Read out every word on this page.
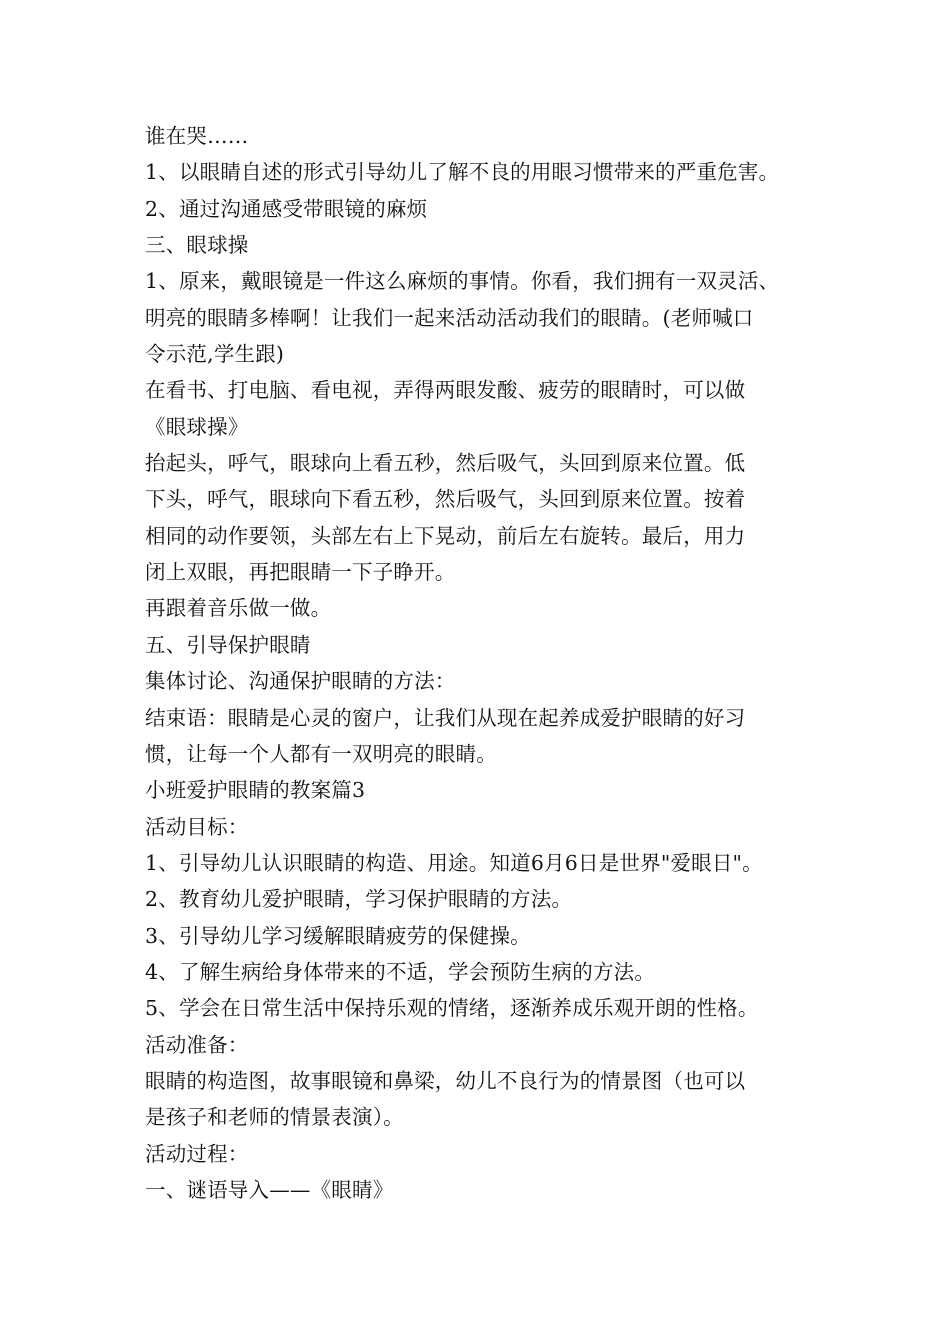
谁在哭……
1、以眼睛自述的形式引导幼儿了解不良的用眼习惯带来的严重危害。
2、通过沟通感受带眼镜的麻烦
三、眼球操
1、原来，戴眼镜是一件这么麻烦的事情。你看，我们拥有一双灵活、
明亮的眼睛多棒啊！让我们一起来活动活动我们的眼睛。(老师喊口
令示范,学生跟)
在看书、打电脑、看电视，弄得两眼发酸、疲劳的眼睛时，可以做
《眼球操》
抬起头，呼气，眼球向上看五秒，然后吸气，头回到原来位置。低
下头，呼气，眼球向下看五秒，然后吸气，头回到原来位置。按着
相同的动作要领，头部左右上下晃动，前后左右旋转。最后，用力
闭上双眼，再把眼睛一下子睁开。
再跟着音乐做一做。
五、引导保护眼睛
集体讨论、沟通保护眼睛的方法：
结束语：眼睛是心灵的窗户，让我们从现在起养成爱护眼睛的好习
惯，让每一个人都有一双明亮的眼睛。
小班爱护眼睛的教案篇3
活动目标：
1、引导幼儿认识眼睛的构造、用途。知道6月6日是世界"爱眼日"。
2、教育幼儿爱护眼睛，学习保护眼睛的方法。
3、引导幼儿学习缓解眼睛疲劳的保健操。
4、了解生病给身体带来的不适，学会预防生病的方法。
5、学会在日常生活中保持乐观的情绪，逐渐养成乐观开朗的性格。
活动准备：
眼睛的构造图，故事眼镜和鼻梁，幼儿不良行为的情景图（也可以
是孩子和老师的情景表演）。
活动过程：
一、谜语导入——《眼睛》
